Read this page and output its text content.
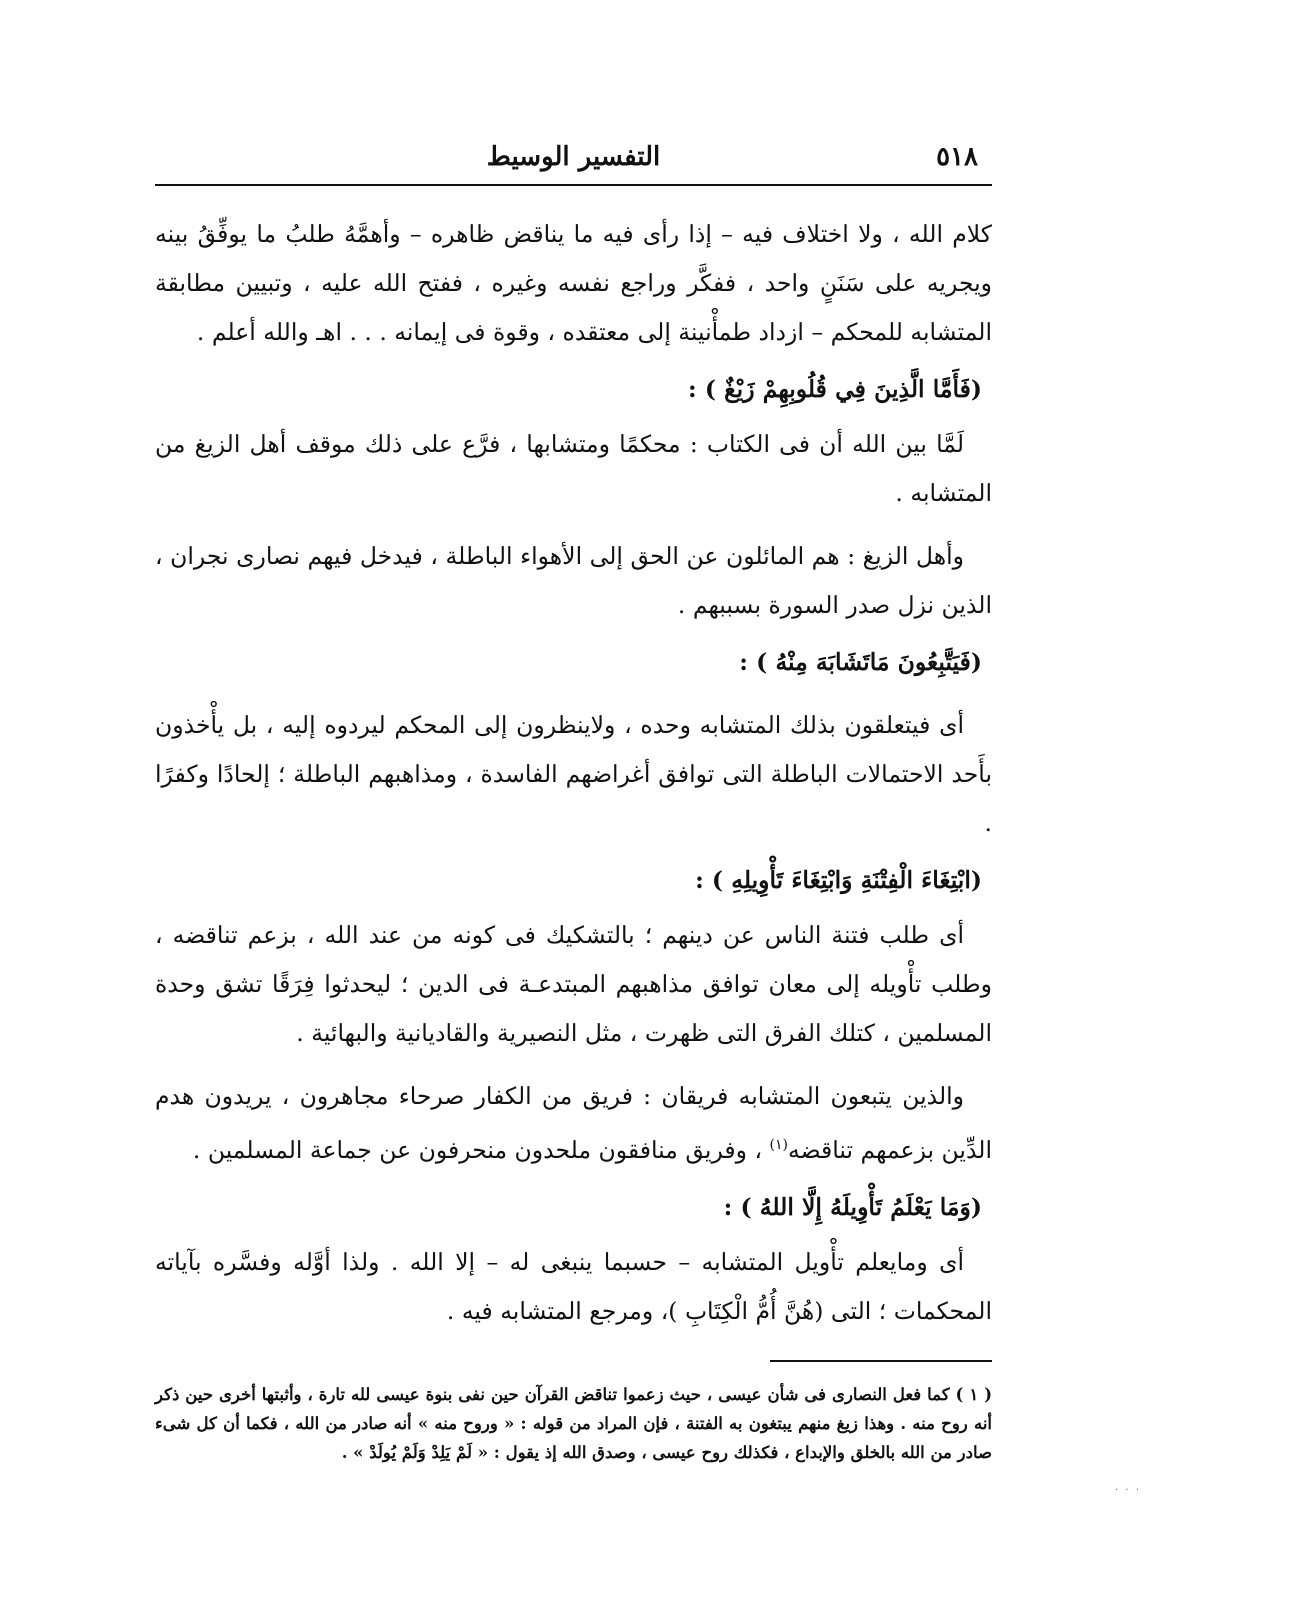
التفسير الوسيط	٥١٨

كلام الله ، ولا اختلاف فيه – إذا رأى فيه ما يناقض ظاهره – وأهمَّهُ طلبُ ما يوفِّقُ بينه ويجريه على سَنَنٍ واحد ، ففكَّر وراجع نفسه وغيره ، ففتح الله عليه ، وتبيين مطابقة المتشابه للمحكم – ازداد طمأْنينة إلى معتقده ، وقوة فى إيمانه . . . اهـ والله أعلم .

(فَأَمَّا الَّذِينَ فِي قُلُوبِهِمْ زَيْغٌ ) :

لَمَّا بين الله أن فى الكتاب : محكمًا ومتشابها ، فرَّع على ذلك موقف أهل الزيغ من المتشابه .

وأهل الزيغ : هم المائلون عن الحق إلى الأهواء الباطلة ، فيدخل فيهم نصارى نجران ، الذين نزل صدر السورة بسببهم .

(فَيَتَّبِعُونَ مَاتَشَابَهَ مِنْهُ ) :

أى فيتعلقون بذلك المتشابه وحده ، ولاينظرون إلى المحكم ليردوه إليه ، بل يأْخذون بأَحد الاحتمالات الباطلة التى توافق أغراضهم الفاسدة ، ومذاهبهم الباطلة ؛ إلحادًا وكفرًا .

(ابْتِغَاءَ الْفِتْنَةِ وَابْتِغَاءَ تَأْوِيلِهِ ) :

أى طلب فتنة الناس عن دينهم ؛ بالتشكيك فى كونه من عند الله ، بزعم تناقضه ، وطلب تأْويله إلى معان توافق مذاهبهم المبتدعـة فى الدين ؛ ليحدثوا فِرَقًا تشق وحدة المسلمين ، كتلك الفرق التى ظهرت ، مثل النصيرية والقاديانية والبهائية .

والذين يتبعون المتشابه فريقان : فريق من الكفار صرحاء مجاهرون ، يريدون هدم الدِّين بزعمهم تناقضه$^{(١)}$ ، وفريق منافقون ملحدون منحرفون عن جماعة المسلمين .

(وَمَا يَعْلَمُ تَأْوِيلَهُ إِلَّا اللهُ ) :

أى ومايعلم تأْويل المتشابه – حسبما ينبغى له – إلا الله . ولذا أوَّله وفسَّره بآياته المحكمات ؛ التى (هُنَّ أُمُّ الْكِتَابِ )، ومرجع المتشابه فيه .

( ١ ) كما فعل النصارى فى شأن عيسى ، حيث زعموا تناقض القرآن حين نفى بنوة عيسى لله تارة ، وأثبتها أخرى حين ذكر أنه روح منه . وهذا زيغ منهم يبتغون به الفتنة ، فإن المراد من قوله : « وروح منه » أنه صادر من الله ، فكما أن كل شىء صادر من الله بالخلق والإبداع ، فكذلك روح عيسى ، وصدق الله إذ يقول : « لَمْ يَلِدْ وَلَمْ يُولَدْ » .

. . .
